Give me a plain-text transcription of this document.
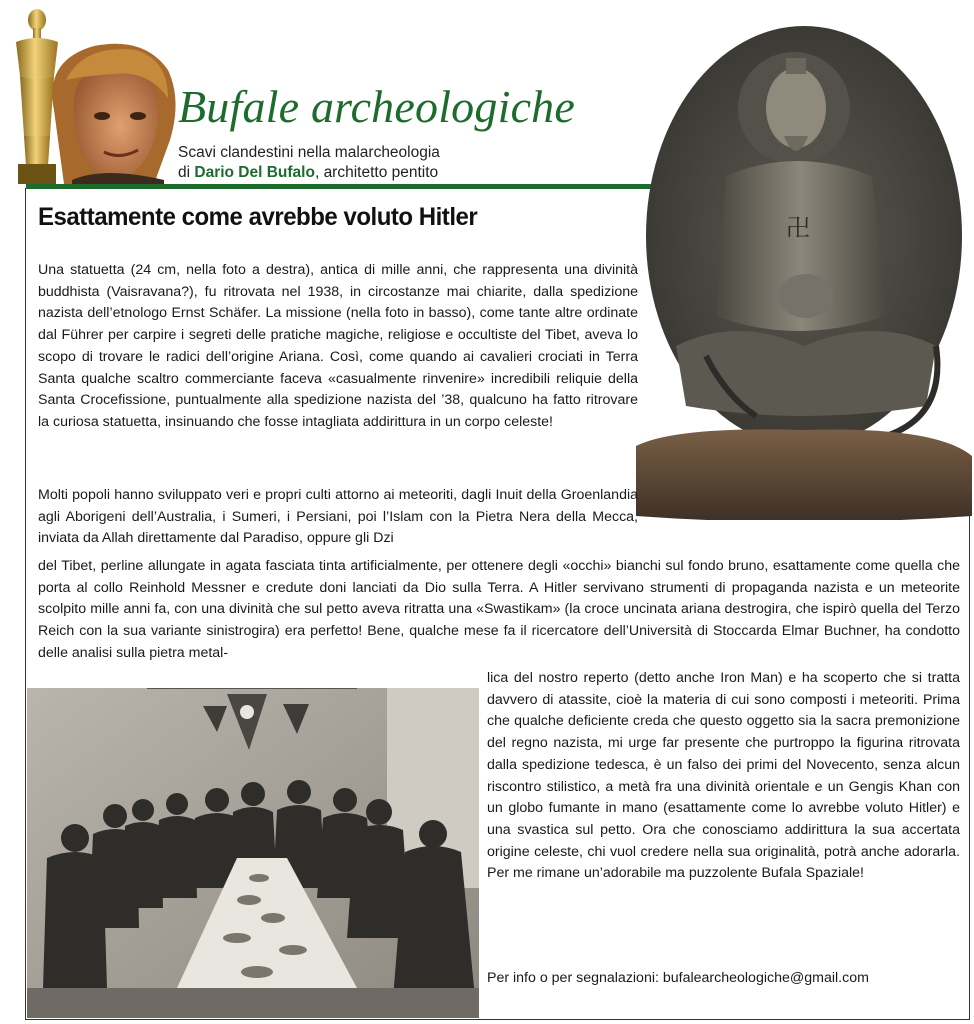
Bufale archeologiche
Scavi clandestini nella malarcheologia
di Dario Del Bufalo, architetto pentito
卍
Esattamente come avrebbe voluto Hitler
Una statuetta (24 cm, nella foto a destra), antica di mille anni, che rappresenta una divinità buddhista (Vaisravana?), fu ritrovata nel 1938, in circostanze mai chiarite, dalla spedizione nazista dell’etnologo Ernst Schäfer. La missione (nella foto in basso), come tante altre ordinate dal Führer per carpire i segreti delle pratiche magiche, religiose e occultiste del Tibet, aveva lo scopo di trovare le radici dell’origine Ariana. Così, come quando ai cavalieri crociati in Terra Santa qualche scaltro commerciante faceva «casualmente rinvenire» incredibili reliquie della Santa Crocefissione, puntualmente alla spedizione nazista del ’38, qualcuno ha fatto ritrovare la curiosa statuetta, insinuando che fosse intagliata addirittura in un corpo celeste!
Molti popoli hanno sviluppato veri e propri culti attorno ai meteoriti, dagli Inuit della Groenlandia agli Aborigeni dell’Australia, i Sumeri, i Persiani, poi l’Islam con la Pietra Nera della Mecca, inviata da Allah direttamente dal Paradiso, oppure gli Dzi
del Tibet, perline allungate in agata fasciata tinta artificialmente, per ottenere degli «occhi» bianchi sul fondo bruno, esattamente come quella che porta al collo Reinhold Messner e credute doni lanciati da Dio sulla Terra. A Hitler servivano strumenti di propaganda nazista e un meteorite scolpito mille anni fa, con una divinità che sul petto aveva ritratta una «Swastikam» (la croce uncinata ariana destrogira, che ispirò quella del Terzo Reich con la sua variante sinistrogira) era perfetto! Bene, qualche mese fa il ricercatore dell’Università di Stoccarda Elmar Buchner, ha condotto delle analisi sulla pietra metal-
lica del nostro reperto (detto anche Iron Man) e ha scoperto che si tratta davvero di atassite, cioè la materia di cui sono composti i meteoriti. Prima che qualche deficiente creda che questo oggetto sia la sacra premonizione del regno nazista, mi urge far presente che purtroppo la figurina ritrovata dalla spedizione tedesca, è un falso dei primi del Novecento, senza alcun riscontro stilistico, a metà fra una divinità orientale e un Gengis Khan con un globo fumante in mano (esattamente come lo avrebbe voluto Hitler) e una svastica sul petto. Ora che conosciamo addirittura la sua accertata origine celeste, chi vuol credere nella sua originalità, potrà anche adorarla. Per me rimane un’adorabile ma puzzolente Bufala Spaziale!
Per info o per segnalazioni: bufalearcheologiche@gmail.com
